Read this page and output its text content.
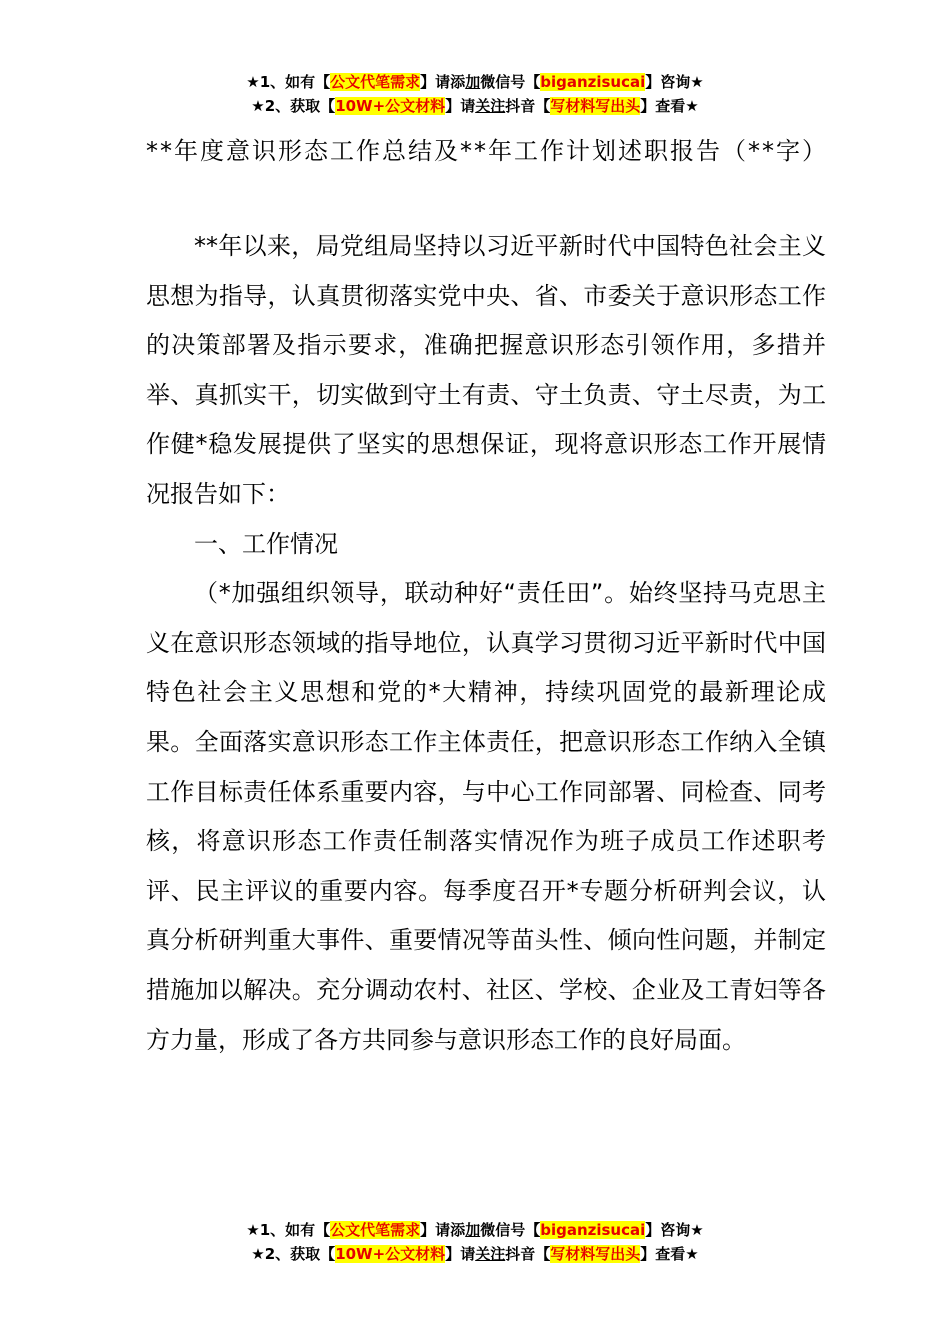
★1、如有【公文代笔需求】请添加微信号【biganzisucai】咨询★
★2、获取【10W+公文材料】请关注抖音【写材料写出头】查看★
**年度意识形态工作总结及**年工作计划述职报告（**字）

**年以来，局党组局坚持以习近平新时代中国特色社会主义思想为指导，认真贯彻落实党中央、省、市委关于意识形态工作的决策部署及指示要求，准确把握意识形态引领作用，多措并举、真抓实干，切实做到守土有责、守土负责、守土尽责，为工作健*稳发展提供了坚实的思想保证，现将意识形态工作开展情况报告如下：

一、工作情况

（*加强组织领导，联动种好“责任田”。始终坚持马克思主义在意识形态领域的指导地位，认真学习贯彻习近平新时代中国特色社会主义思想和党的*大精神，持续巩固党的最新理论成果。全面落实意识形态工作主体责任，把意识形态工作纳入全镇工作目标责任体系重要内容，与中心工作同部署、同检查、同考核，将意识形态工作责任制落实情况作为班子成员工作述职考评、民主评议的重要内容。每季度召开*专题分析研判会议，认真分析研判重大事件、重要情况等苗头性、倾向性问题，并制定措施加以解决。充分调动农村、社区、学校、企业及工青妇等各方力量，形成了各方共同参与意识形态工作的良好局面。

★1、如有【公文代笔需求】请添加微信号【biganzisucai】咨询★
★2、获取【10W+公文材料】请关注抖音【写材料写出头】查看★
